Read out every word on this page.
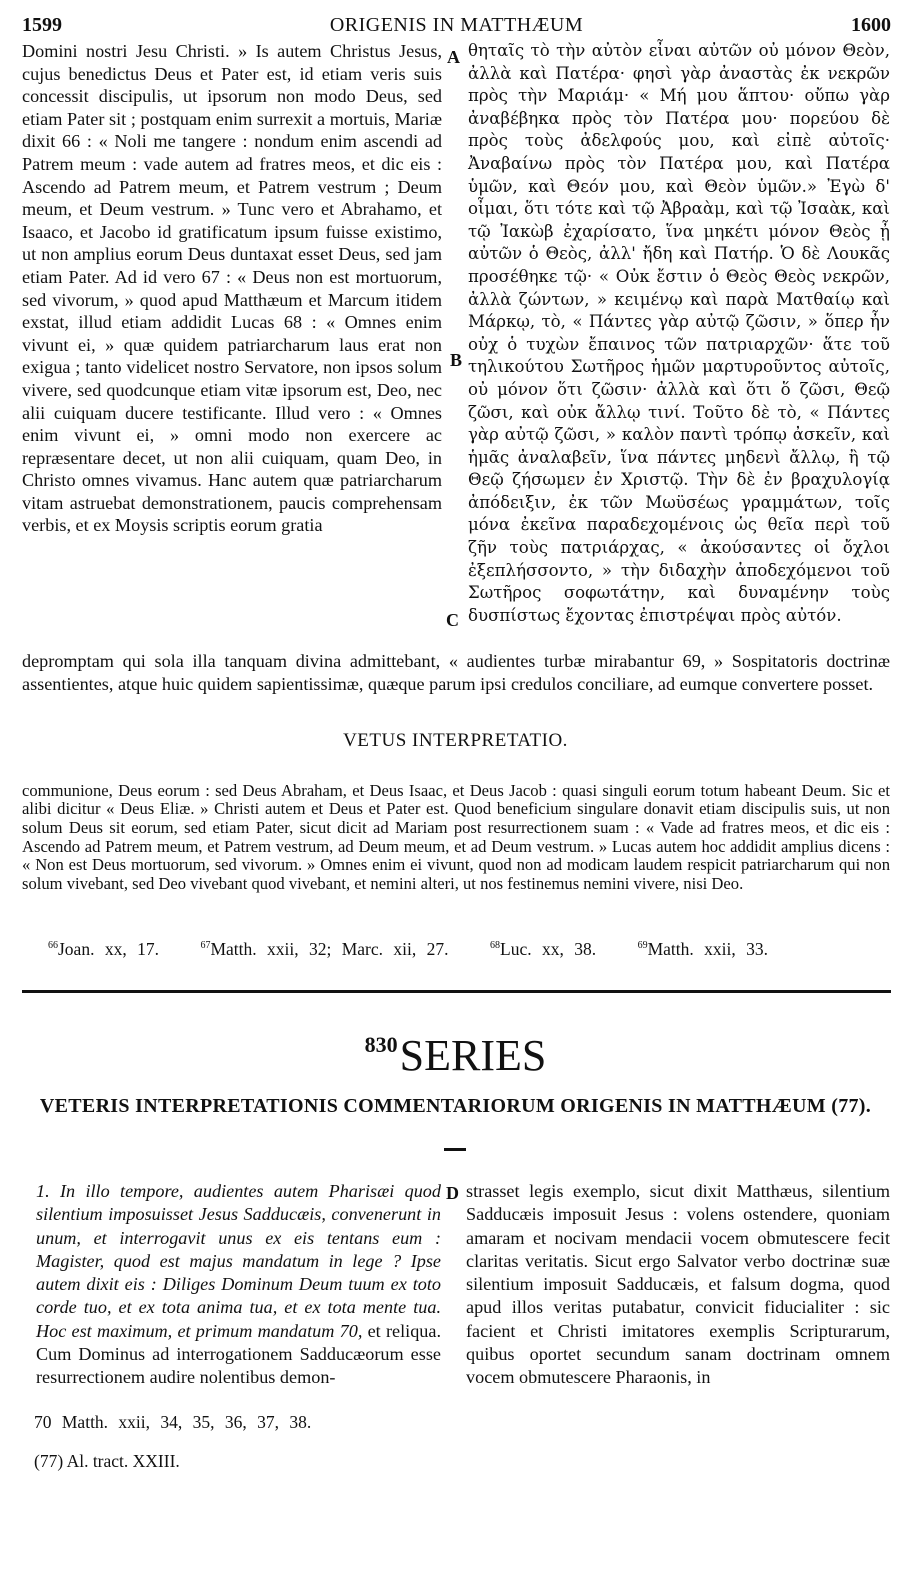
1599	ORIGENIS IN MATTHÆUM	1600

Domini nostri Jesu Christi. » Is autem Christus Jesus, cujus benedictus Deus et Pater est, id etiam veris suis concessit discipulis, ut ipsorum non modo Deus, sed etiam Pater sit ; postquam enim surrexit a mortuis, Mariæ dixit 66 : « Noli me tangere : nondum enim ascendi ad Patrem meum : vade autem ad fratres meos, et dic eis : Ascendo ad Patrem meum, et Patrem vestrum ; Deum meum, et Deum vestrum. » Tunc vero et Abrahamo, et Isaaco, et Jacobo id gratificatum ipsum fuisse existimo, ut non amplius eorum Deus duntaxat esset Deus, sed jam etiam Pater. Ad id vero 67 : « Deus non est mortuorum, sed vivorum, » quod apud Matthæum et Marcum itidem exstat, illud etiam addidit Lucas 68 : « Omnes enim vivunt ei, » quæ quidem patriarcharum laus erat non exigua ; tanto videlicet nostro Servatore, non ipsos solum vivere, sed quodcunque etiam vitæ ipsorum est, Deo, nec alii cuiquam ducere testificante. Illud vero : « Omnes enim vivunt ei, » omni modo non exercere ac repræsentare decet, ut non alii cuiquam, quam Deo, in Christo omnes vivamus. Hanc autem quæ patriarcharum vitam astruebat demonstrationem, paucis comprehensam verbis, et ex Moysis scriptis eorum gratia

A
B
C
D

θηταῖς τὸ τὴν αὐτὸν εἶναι αὐτῶν οὐ μόνον Θεὸν, ἀλλὰ καὶ Πατέρα· φησὶ γὰρ ἀναστὰς ἐκ νεκρῶν πρὸς τὴν Μαριάμ· « Μή μου ἅπτου· οὔπω γὰρ ἀναβέβηκα πρὸς τὸν Πατέρα μου· πορεύου δὲ πρὸς τοὺς ἀδελφούς μου, καὶ εἰπὲ αὐτοῖς· Ἀναβαίνω πρὸς τὸν Πατέρα μου, καὶ Πατέρα ὑμῶν, καὶ Θεόν μου, καὶ Θεὸν ὑμῶν.» Ἐγὼ δ' οἶμαι, ὅτι τότε καὶ τῷ Ἀβραὰμ, καὶ τῷ Ἰσαὰκ, καὶ τῷ Ἰακὼβ ἐχαρίσατο, ἵνα μηκέτι μόνον Θεὸς ᾖ αὐτῶν ὁ Θεὸς, ἀλλ' ἤδη καὶ Πατήρ. Ὁ δὲ Λουκᾶς προσέθηκε τῷ· « Οὐκ ἔστιν ὁ Θεὸς Θεὸς νεκρῶν, ἀλλὰ ζώντων, » κειμένῳ καὶ παρὰ Ματθαίῳ καὶ Μάρκῳ, τὸ, « Πάντες γὰρ αὐτῷ ζῶσιν, » ὅπερ ἦν οὐχ ὁ τυχὼν ἔπαινος τῶν πατριαρχῶν· ἅτε τοῦ τηλικούτου Σωτῆρος ἡμῶν μαρτυροῦντος αὐτοῖς, οὐ μόνον ὅτι ζῶσιν· ἀλλὰ καὶ ὅτι ὅ ζῶσι, Θεῷ ζῶσι, καὶ οὐκ ἄλλῳ τινί. Τοῦτο δὲ τὸ, « Πάντες γὰρ αὐτῷ ζῶσι, » καλὸν παντὶ τρόπῳ ἀσκεῖν, καὶ ἡμᾶς ἀναλαβεῖν, ἵνα πάντες μηδενὶ ἄλλῳ, ἢ τῷ Θεῷ ζήσωμεν ἐν Χριστῷ. Τὴν δὲ ἐν βραχυλογίᾳ ἀπόδειξιν, ἐκ τῶν Μωϋσέως γραμμάτων, τοῖς μόνα ἐκεῖνα παραδεχομένοις ὡς θεῖα περὶ τοῦ ζῆν τοὺς πατριάρχας, « ἀκούσαντες οἱ ὄχλοι ἐξεπλήσσοντο, » τὴν διδαχὴν ἀποδεχόμενοι τοῦ Σωτῆρος σοφωτάτην, καὶ δυναμένην τοὺς δυσπίστως ἔχοντας ἐπιστρέψαι πρὸς αὐτόν.

depromptam qui sola illa tanquam divina admittebant, « audientes turbæ mirabantur 69, » Sospitatoris doctrinæ assentientes, atque huic quidem sapientissimæ, quæque parum ipsi credulos conciliare, ad eumque convertere posset.

VETUS INTERPRETATIO.

communione, Deus eorum : sed Deus Abraham, et Deus Isaac, et Deus Jacob : quasi singuli eorum totum habeant Deum. Sic et alibi dicitur « Deus Eliæ. » Christi autem et Deus et Pater est. Quod beneficium singulare donavit etiam discipulis suis, ut non solum Deus sit eorum, sed etiam Pater, sicut dicit ad Mariam post resurrectionem suam : « Vade ad fratres meos, et dic eis : Ascendo ad Patrem meum, et Patrem vestrum, ad Deum meum, et ad Deum vestrum. » Lucas autem hoc addidit amplius dicens : « Non est Deus mortuorum, sed vivorum. » Omnes enim ei vivunt, quod non ad modicam laudem respicit patriarcharum qui non solum vivebant, sed Deo vivebant quod vivebant, et nemini alteri, ut nos festinemus nemini vivere, nisi Deo.

$^{66}$Joan. xx, 17.	$^{67}$Matth. xxii, 32; Marc. xii, 27.	$^{68}$Luc. xx, 38.	$^{69}$Matth. xxii, 33.
$^{830}$SERIES
VETERIS INTERPRETATIONIS COMMENTARIORUM ORIGENIS IN MATTHÆUM (77).

1. In illo tempore, audientes autem Pharisæi quod silentium imposuisset Jesus Sadducæis, convenerunt in unum, et interrogavit unus ex eis tentans eum : Magister, quod est majus mandatum in lege ? Ipse autem dixit eis : Diliges Dominum Deum tuum ex toto corde tuo, et ex tota anima tua, et ex tota mente tua. Hoc est maximum, et primum mandatum 70, et reliqua. Cum Dominus ad interrogationem Sadducæorum esse resurrectionem audire nolentibus demon-

strasset legis exemplo, sicut dixit Matthæus, silentium Sadducæis imposuit Jesus : volens ostendere, quoniam amaram et nocivam mendacii vocem obmutescere fecit claritas veritatis. Sicut ergo Salvator verbo doctrinæ suæ silentium imposuit Sadducæis, et falsum dogma, quod apud illos veritas putabatur, convicit fiducialiter : sic facient et Christi imitatores exemplis Scripturarum, quibus oportet secundum sanam doctrinam omnem vocem obmutescere Pharaonis, in

70 Matth. xxii, 34, 35, 36, 37, 38.
(77) Al. tract. XXIII.
